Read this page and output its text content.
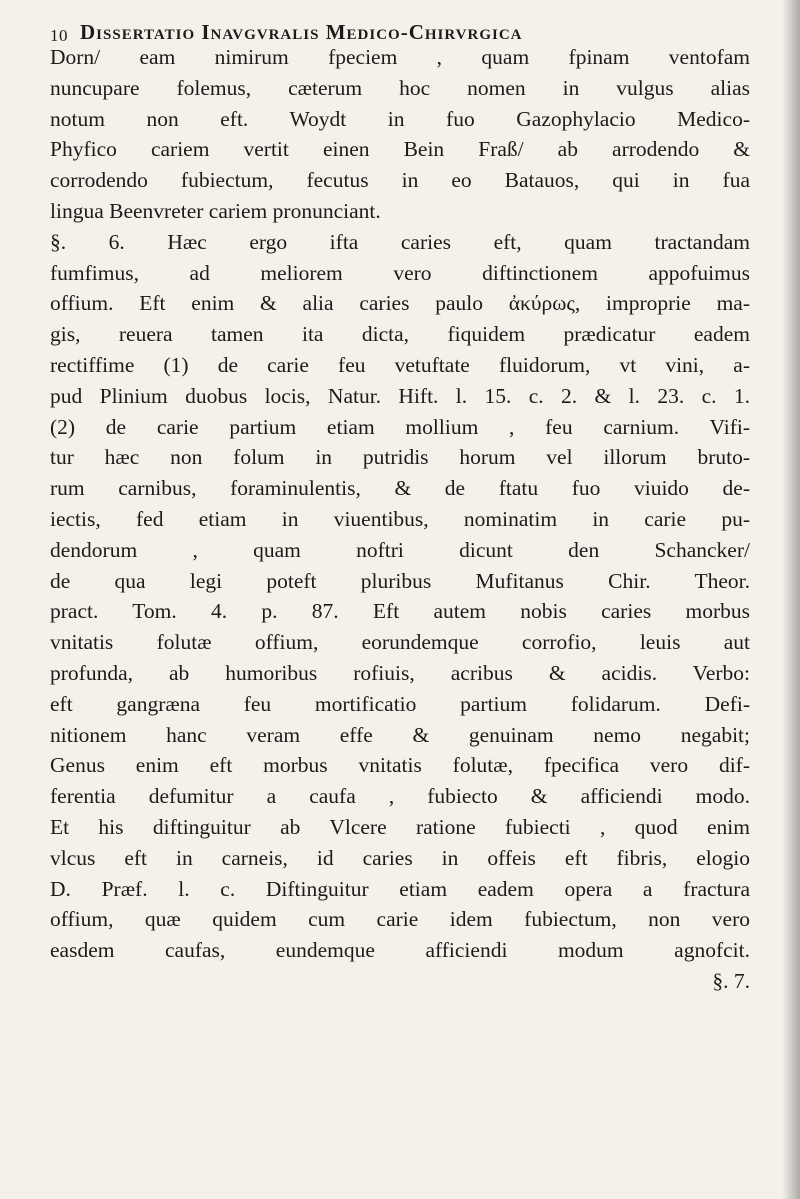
10 Dissertatio Inavgvralis Medico-Chirvrgica
Dorn/ eam nimirum fpeciem , quam fpinam ventofam
nuncupare folemus, cæterum hoc nomen in vulgus alias
notum non eft. Woydt in fuo Gazophylacio Medico-
Phyfico cariem vertit einen Bein Fraß/ ab arrodendo &
corrodendo fubiectum, fecutus in eo Batauos, qui in fua
lingua Beenvreter cariem pronunciant.
§. 6. Hæc ergo ifta caries eft, quam tractandam
fumfimus, ad meliorem vero diftinctionem appofuimus
offium. Eft enim & alia caries paulo ἀκύρως, improprie ma-
gis, reuera tamen ita dicta, fiquidem prædicatur eadem
rectiffime (1) de carie feu vetuftate fluidorum, vt vini, a-
pud Plinium duobus locis, Natur. Hift. l. 15. c. 2. & l. 23. c. 1.
(2) de carie partium etiam mollium , feu carnium. Vifi-
tur hæc non folum in putridis horum vel illorum bruto-
rum carnibus, foraminulentis, & de ftatu fuo viuido de-
iectis, fed etiam in viuentibus, nominatim in carie pu-
dendorum , quam noftri dicunt den Schancker/
de qua legi poteft pluribus Mufitanus Chir. Theor.
pract. Tom. 4. p. 87. Eft autem nobis caries morbus
vnitatis folutæ offium, eorundemque corrofio, leuis aut
profunda, ab humoribus rofiuis, acribus & acidis. Verbo:
eft gangræna feu mortificatio partium folidarum. Defi-
nitionem hanc veram effe & genuinam nemo negabit;
Genus enim eft morbus vnitatis folutæ, fpecifica vero dif-
ferentia defumitur a caufa , fubiecto & afficiendi modo.
Et his diftinguitur ab Vlcere ratione fubiecti , quod enim
vlcus eft in carneis, id caries in offeis eft fibris, elogio
D. Præf. l. c. Diftinguitur etiam eadem opera a fractura
offium, quæ quidem cum carie idem fubiectum, non vero
easdem caufas, eundemque afficiendi modum agnofcit.
§. 7.
